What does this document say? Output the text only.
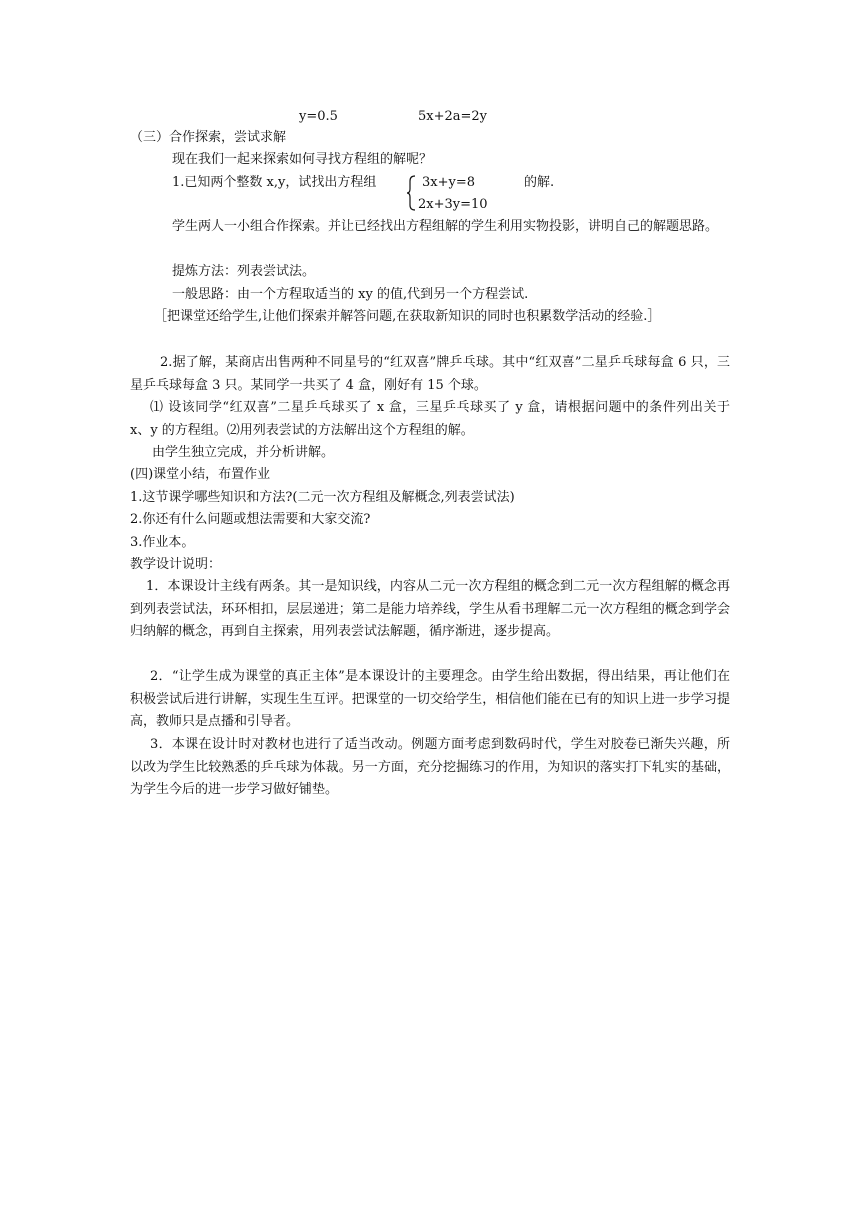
y=0.5	5x+2a=2y
（三）合作探索，尝试求解
现在我们一起来探索如何寻找方程组的解呢？
1.已知两个整数 x,y，试找出方程组	3x+y=8	的解.
2x+3y=10
学生两人一小组合作探索。并让已经找出方程组解的学生利用实物投影，讲明自己的解题思路。
提炼方法：列表尝试法。
一般思路：由一个方程取适当的 xy 的值,代到另一个方程尝试.
［把课堂还给学生,让他们探索并解答问题,在获取新知识的同时也积累数学活动的经验.］
2.据了解，某商店出售两种不同星号的“红双喜”牌乒乓球。其中“红双喜”二星乒乓球每盒 6 只，三星乒乓球每盒 3 只。某同学一共买了 4 盒，刚好有 15 个球。
⑴ 设该同学“红双喜”二星乒乓球买了 x 盒，三星乒乓球买了 y 盒，请根据问题中的条件列出关于 x、y 的方程组。⑵用列表尝试的方法解出这个方程组的解。
由学生独立完成，并分析讲解。
(四)课堂小结，布置作业
1.这节课学哪些知识和方法?(二元一次方程组及解概念,列表尝试法)
2.你还有什么问题或想法需要和大家交流?
3.作业本。
教学设计说明：
1．本课设计主线有两条。其一是知识线，内容从二元一次方程组的概念到二元一次方程组解的概念再到列表尝试法，环环相扣，层层递进；第二是能力培养线，学生从看书理解二元一次方程组的概念到学会归纳解的概念，再到自主探索，用列表尝试法解题，循序渐进，逐步提高。
2．“让学生成为课堂的真正主体”是本课设计的主要理念。由学生给出数据，得出结果，再让他们在积极尝试后进行讲解，实现生生互评。把课堂的一切交给学生，相信他们能在已有的知识上进一步学习提高，教师只是点播和引导者。
3．本课在设计时对教材也进行了适当改动。例题方面考虑到数码时代，学生对胶卷已渐失兴趣，所以改为学生比较熟悉的乒乓球为体裁。另一方面，充分挖掘练习的作用，为知识的落实打下轧实的基础，为学生今后的进一步学习做好铺垫。
